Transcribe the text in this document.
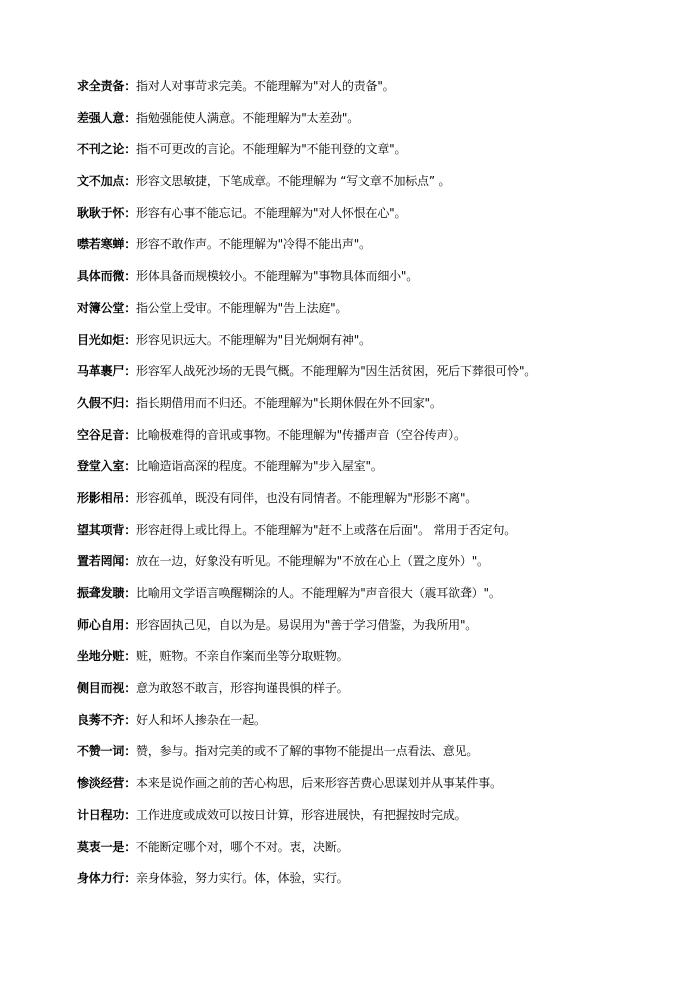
求全责备：指对人对事苛求完美。不能理解为"对人的责备"。
差强人意：指勉强能使人满意。不能理解为"太差劲"。
不刊之论：指不可更改的言论。不能理解为"不能刊登的文章"。
文不加点：形容文思敏捷，下笔成章。不能理解为 “写文章不加标点” 。
耿耿于怀：形容有心事不能忘记。不能理解为"对人怀恨在心"。
噤若寒蝉：形容不敢作声。不能理解为"冷得不能出声"。
具体而微：形体具备而规模较小。不能理解为"事物具体而细小"。
对簿公堂：指公堂上受审。不能理解为"告上法庭"。
目光如炬：形容见识远大。不能理解为"目光炯炯有神"。
马革裹尸：形容军人战死沙场的无畏气概。不能理解为"因生活贫困，死后下葬很可怜"。
久假不归：指长期借用而不归还。不能理解为"长期休假在外不回家"。
空谷足音：比喻极难得的音讯或事物。不能理解为"传播声音（空谷传声）。
登堂入室：比喻造诣高深的程度。不能理解为"步入屋室"。
形影相吊：形容孤单，既没有同伴，也没有同情者。不能理解为"形影不离"。
望其项背：形容赶得上或比得上。不能理解为"赶不上或落在后面"。 常用于否定句。
置若罔闻：放在一边，好象没有听见。不能理解为"不放在心上（置之度外）"。
振聋发聩：比喻用文学语言唤醒糊涂的人。不能理解为"声音很大（震耳欲聋）"。
师心自用：形容固执己见，自以为是。易误用为"善于学习借鉴，为我所用"。
坐地分赃：赃，赃物。不亲自作案而坐等分取赃物。
侧目而视：意为敢怒不敢言，形容拘谨畏惧的样子。
良莠不齐：好人和坏人掺杂在一起。
不赞一词：赞，参与。指对完美的或不了解的事物不能提出一点看法、意见。
惨淡经营：本来是说作画之前的苦心构思，后来形容苦费心思谋划并从事某件事。
计日程功：工作进度或成效可以按日计算，形容进展快，有把握按时完成。
莫衷一是：不能断定哪个对，哪个不对。衷，决断。
身体力行：亲身体验，努力实行。体，体验，实行。
